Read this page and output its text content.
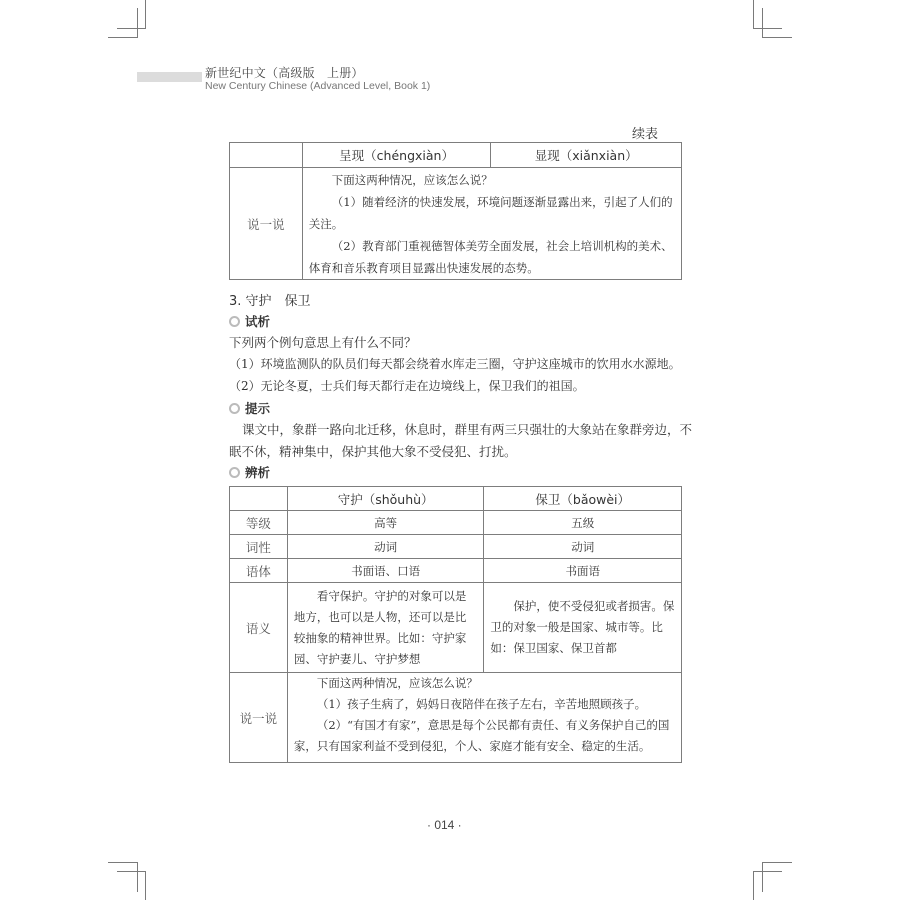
新世纪中文（高级版　上册）
New Century Chinese (Advanced Level, Book 1)
续表
	呈现（chéngxiàn）	显现（xiǎnxiàn）
说一说	下面这两种情况，应该怎么说？
（1）随着经济的快速发展，环境问题逐渐显露出来，引起了人们的关注。
（2）教育部门重视德智体美劳全面发展，社会上培训机构的美术、体育和音乐教育项目显露出快速发展的态势。	
3. 守护　保卫
试析
下列两个例句意思上有什么不同？
（1）环境监测队的队员们每天都会绕着水库走三圈，守护这座城市的饮用水水源地。
（2）无论冬夏，士兵们每天都行走在边境线上，保卫我们的祖国。
提示
课文中，象群一路向北迁移，休息时，群里有两三只强壮的大象站在象群旁边，不
眠不休，精神集中，保护其他大象不受侵犯、打扰。
辨析
	守护（shǒuhù）	保卫（bǎowèi）
等级	高等	五级
词性	动词	动词
语体	书面语、口语	书面语
语义	看守保护。守护的对象可以是地方，也可以是人物，还可以是比较抽象的精神世界。比如：守护家园、守护妻儿、守护梦想	保护，使不受侵犯或者损害。保卫的对象一般是国家、城市等。比如：保卫国家、保卫首都

说一说	下面这两种情况，应该怎么说？
（1）孩子生病了，妈妈日夜陪伴在孩子左右，辛苦地照顾孩子。
（2）“有国才有家”，意思是每个公民都有责任、有义务保护自己的国家，只有国家利益不受到侵犯，个人、家庭才能有安全、稳定的生活。	
· 014 ·
